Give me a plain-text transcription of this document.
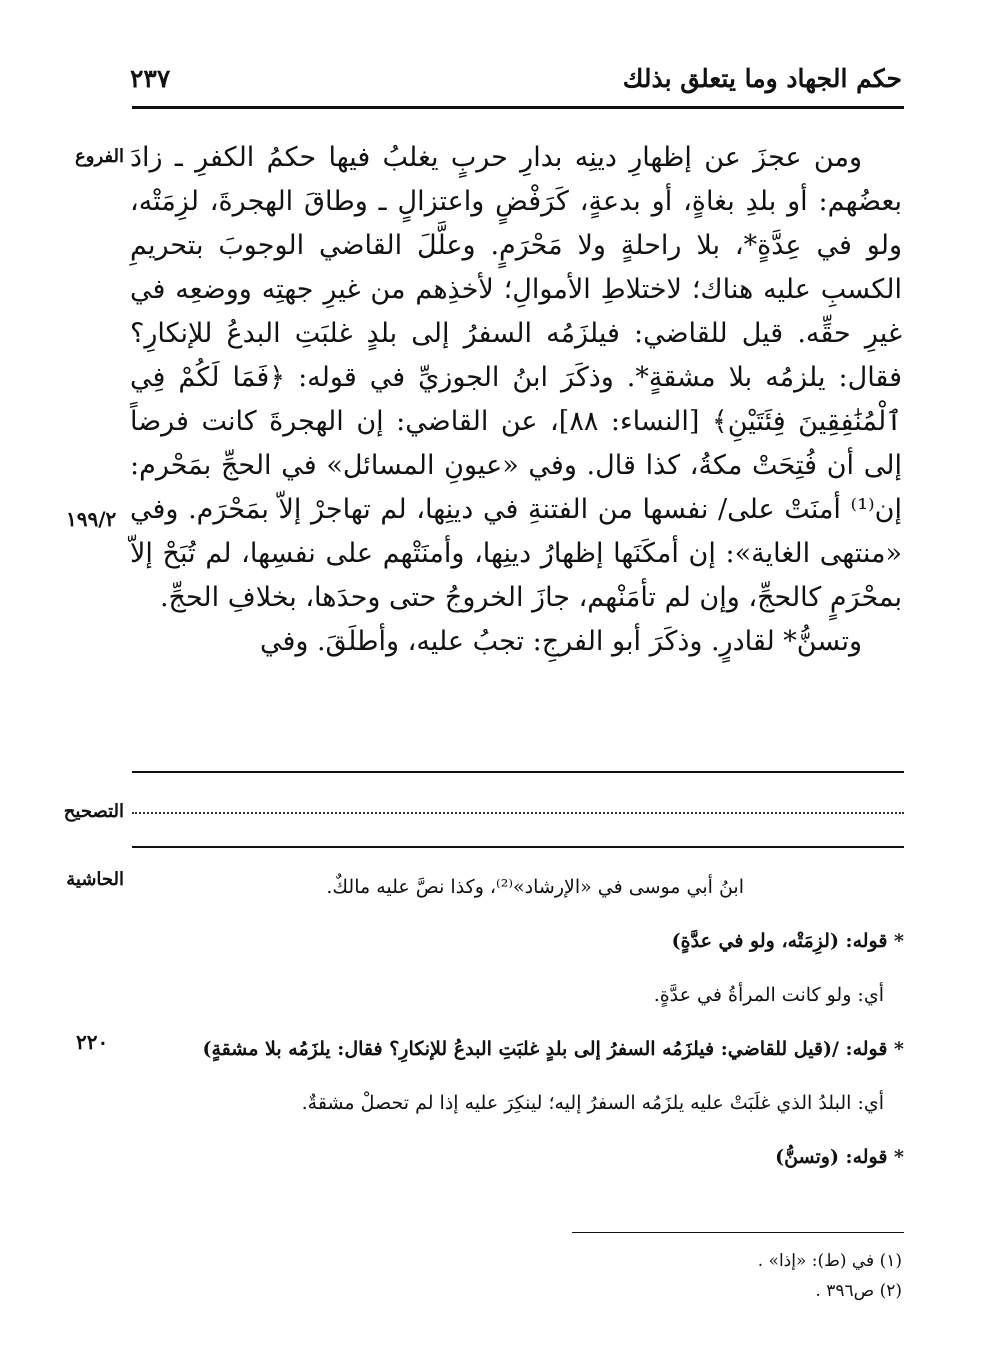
حكم الجهاد وما يتعلق بذلك
٢٣٧
الفروع
التصحيح
الحاشية
١٩٩/٢
٢٢٠

ومن عجزَ عن إظهارِ دينِه بدارِ حربٍ يغلبُ فيها حكمُ الكفرِ ـ زادَ بعضُهم: أو بلدِ بغاةٍ، أو بدعةٍ، كَرَفْضٍ واعتزالٍ ـ وطاقَ الهجرةَ، لزِمَتْه، ولو في عِدَّةٍ*، بلا راحلةٍ ولا مَحْرَمٍ. وعلَّلَ القاضي الوجوبَ بتحريمِ الكسبِ عليه هناك؛ لاختلاطِ الأموالِ؛ لأخذِهم من غيرِ جهتِه ووضعِه في غيرِ حقِّه. قيل للقاضي: فيلزَمُه السفرُ إلى بلدٍ غلبَتِ البدعُ للإنكارِ؟ فقال: يلزمُه بلا مشقةٍ*. وذكَرَ ابنُ الجوزيِّ في قوله: ﴿فَمَا لَكُمْ فِي ٱلْمُنَٰفِقِينَ فِئَتَيْنِ﴾ [النساء: ٨٨]، عن القاضي: إن الهجرةَ كانت فرضاً إلى أن فُتِحَتْ مكةُ، كذا قال. وفي «عيونِ المسائل» في الحجِّ بمَحْرم: إن⁽¹⁾ أمنَتْ على/ نفسها من الفتنةِ في دينِها، لم تهاجرْ إلاّ بمَحْرَم. وفي «منتهى الغاية»: إن أمكَنَها إظهارُ دينِها، وأمنَتْهم على نفسِها، لم تُبَحْ إلاّ بمحْرَمٍ كالحجِّ، وإن لم تأمَنْهم، جازَ الخروجُ حتى وحدَها، بخلافِ الحجِّ.

وتسنُّ* لقادرٍ. وذكَرَ أبو الفرجِ: تجبُ عليه، وأطلَقَ. وفي

ابنُ أبي موسى في «الإرشاد»⁽²⁾، وكذا نصَّ عليه مالكٌ.

* قوله: (لزِمَتْه، ولو في عدَّةٍ)

أي: ولو كانت المرأةُ في عدَّةٍ.

* قوله: /(قيل للقاضي: فيلزَمُه السفرُ إلى بلدٍ غلبَتِ البدعُ للإنكارِ؟ فقال: يلزَمُه بلا مشقةٍ)

أي: البلدُ الذي غلَبَتْ عليه يلزَمُه السفرُ إليه؛ لينكِرَ عليه إذا لم تحصلْ مشقةٌ.

* قوله: (وتسنُّ)

(١) في (ط): «إذا» .
(٢) ص٣٩٦ .
